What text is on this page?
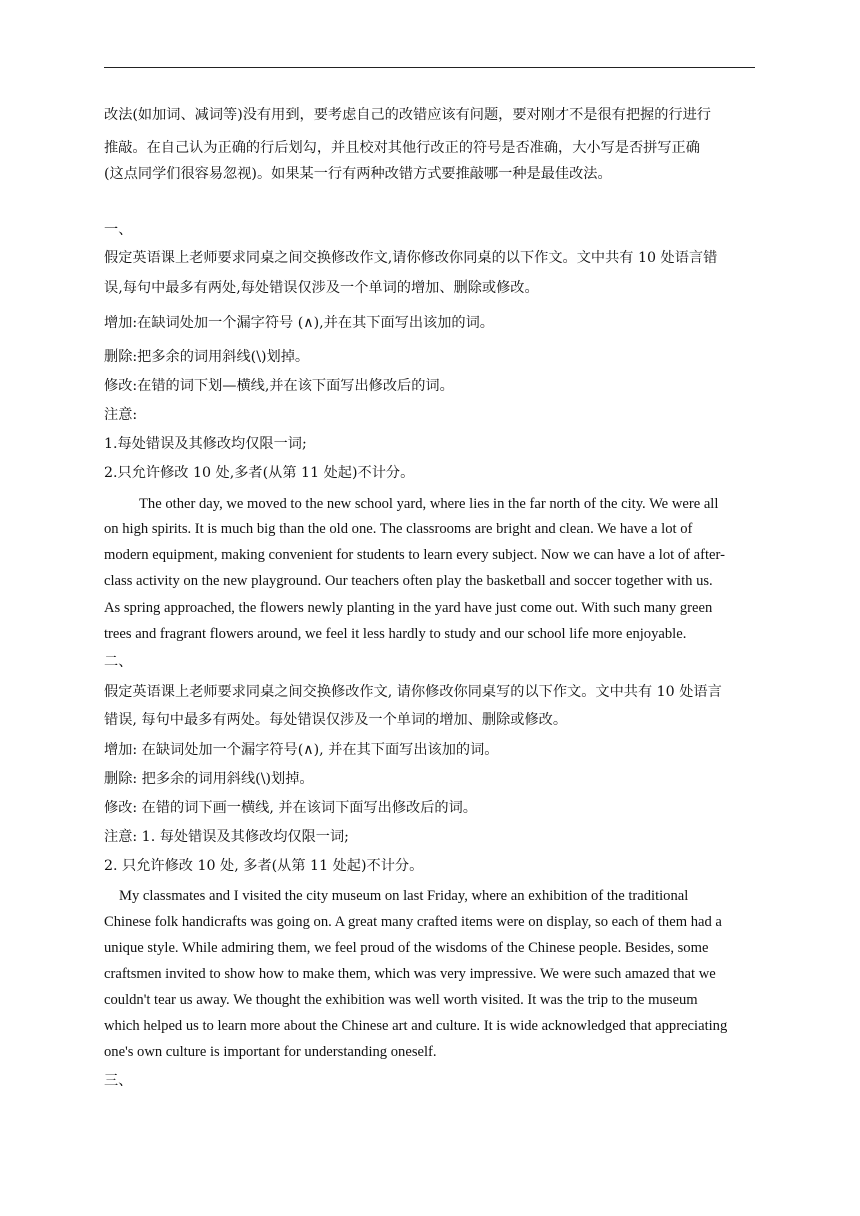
改法(如加词、减词等)没有用到，要考虑自己的改错应该有问题，要对刚才不是很有把握的行进行
推敲。在自己认为正确的行后划勾，并且校对其他行改正的符号是否准确，大小写是否拼写正确
(这点同学们很容易忽视)。如果某一行有两种改错方式要推敲哪一种是最佳改法。
一、
假定英语课上老师要求同桌之间交换修改作文,请你修改你同桌的以下作文。文中共有 10 处语言错
误,每句中最多有两处,每处错误仅涉及一个单词的增加、删除或修改。
增加:在缺词处加一个漏字符号 (∧),并在其下面写出该加的词。
删除:把多余的词用斜线(\)划掉。
修改:在错的词下划—横线,并在该下面写出修改后的词。
注意:
1.每处错误及其修改均仅限一词;
2.只允许修改 10 处,多者(从第 11 处起)不计分。
The other day, we moved to the new school yard, where lies in the far north of the city. We were all
on high spirits. It is much big than the old one. The classrooms are bright and clean. We have a lot of
modern equipment, making convenient for students to learn every subject. Now we can have a lot of after-
class activity on the new playground. Our teachers often play the basketball and soccer together with us.
As spring approached, the flowers newly planting in the yard have just come out. With such many green
trees and fragrant flowers around, we feel it less hardly to study and our school life more enjoyable.
二、
假定英语课上老师要求同桌之间交换修改作文, 请你修改你同桌写的以下作文。文中共有 10 处语言
错误, 每句中最多有两处。每处错误仅涉及一个单词的增加、删除或修改。
增加: 在缺词处加一个漏字符号(∧), 并在其下面写出该加的词。
删除: 把多余的词用斜线(\)划掉。
修改: 在错的词下画一横线, 并在该词下面写出修改后的词。
注意: 1. 每处错误及其修改均仅限一词;
2. 只允许修改 10 处, 多者(从第 11 处起)不计分。
My classmates and I visited the city museum on last Friday, where an exhibition of the traditional
Chinese folk handicrafts was going on. A great many crafted items were on display, so each of them had a
unique style. While admiring them, we feel proud of the wisdoms of the Chinese people. Besides, some
craftsmen invited to show how to make them, which was very impressive. We were such amazed that we
couldn't tear us away. We thought the exhibition was well worth visited. It was the trip to the museum
which helped us to learn more about the Chinese art and culture. It is wide acknowledged that appreciating
one's own culture is important for understanding oneself.
三、
